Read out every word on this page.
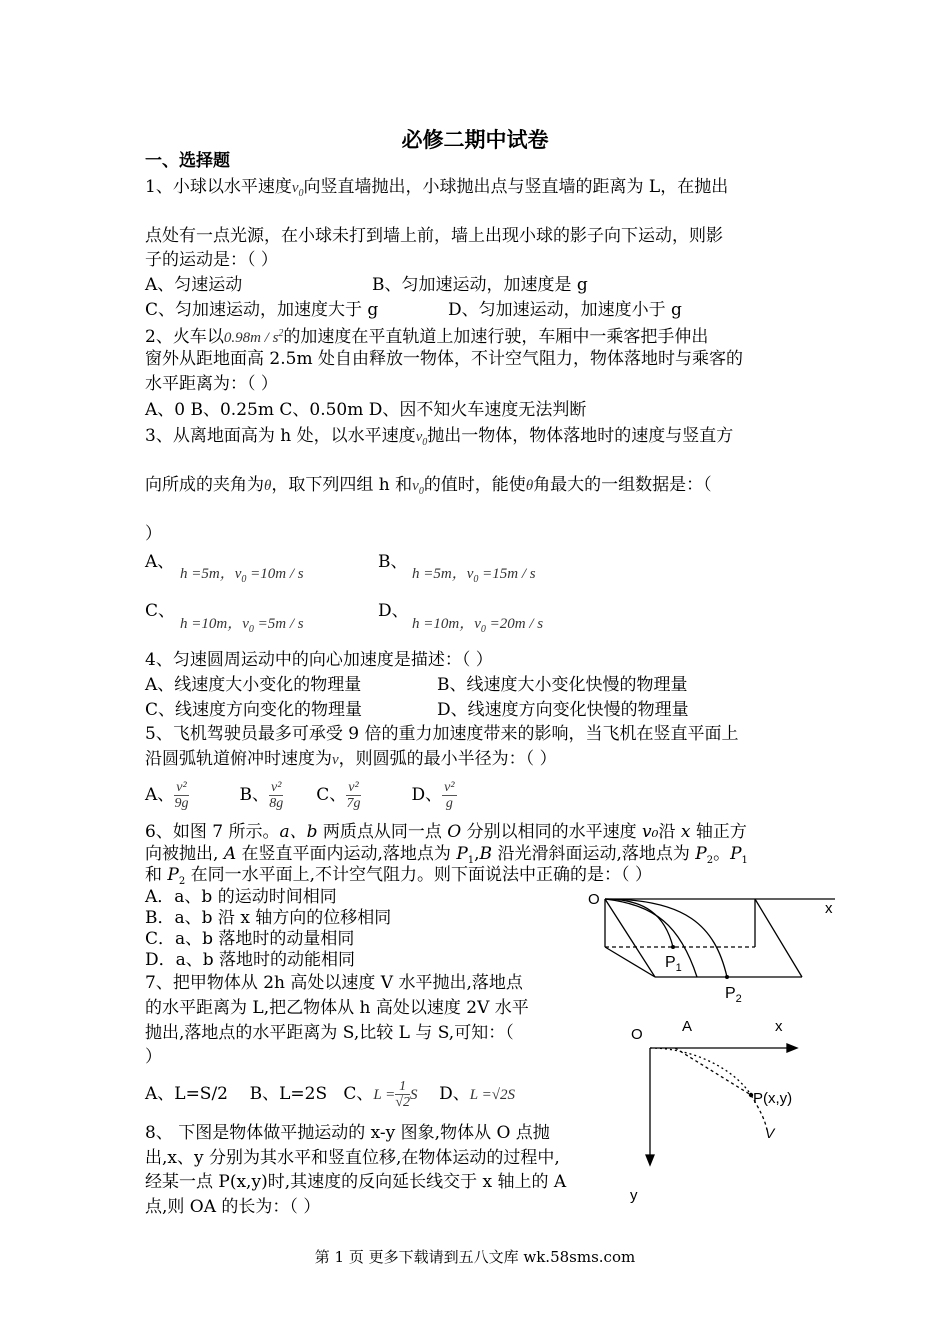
必修二期中试卷
一、选择题
1、小球以水平速度$v_0$向竖直墙抛出，小球抛出点与竖直墙的距离为 L，在抛出
点处有一点光源，在小球未打到墙上前，墙上出现小球的影子向下运动，则影
子的运动是：（ ）
A、匀速运动	B、匀加速运动，加速度是 g
C、匀加速运动，加速度大于 g	D、匀加速运动，加速度小于 g
2、火车以$0.98m / s^2$的加速度在平直轨道上加速行驶，车厢中一乘客把手伸出
窗外从距地面高 2.5m 处自由释放一物体，不计空气阻力，物体落地时与乘客的
水平距离为：（ ）
A、0 B、0.25m C、0.50m D、因不知火车速度无法判断
3、从离地面高为 h 处，以水平速度$v_0$抛出一物体，物体落地时的速度与竖直方
向所成的夹角为θ，取下列四组 h 和$v_0$的值时，能使θ角最大的一组数据是：（
）
A、
h =5m，$v_0 =10m / s$
B、
h =5m，$v_0 =15m / s$
C、
h =10m，$v_0 =5m / s$
D、
h =10m，$v_0 =20m / s$
4、匀速圆周运动中的向心加速度是描述：（ ）
A、线速度大小变化的物理量	B、线速度大小变化快慢的物理量
C、线速度方向变化的物理量	D、线速度方向变化快慢的物理量
5、飞机驾驶员最多可承受 9 倍的重力加速度带来的影响，当飞机在竖直平面上
沿圆弧轨道俯冲时速度为v，则圆弧的最小半径为：（ ）
A、 $\frac{\text{v²}}{9g}$	B、 $\frac{\text{v²}}{8g}$ C、 $\frac{\text{v²}}{7g}$	D、 $\frac{\text{v²}}{g}$
6、如图 7 所示。a、b 两质点从同一点 O 分别以相同的水平速度 v₀沿 x 轴正方
向被抛出, A 在竖直平面内运动,落地点为 $P_1,B$ 沿光滑斜面运动,落地点为 $P_2$。$P_1$
和 $P_2$ 在同一水平面上,不计空气阻力。则下面说法中正确的是：（ ）
A．a、b 的运动时间相同
B．a、b 沿 x 轴方向的位移相同
C．a、b 落地时的动量相同
D．a、b 落地时的动能相同
O
x
$P_1$
$P_2$
7、把甲物体从 2h 高处以速度 V 水平抛出,落地点
的水平距离为 L,把乙物体从 h 高处以速度 2V 水平
抛出,落地点的水平距离为 S,比较 L 与 S,可知：（
）
A、L=S/2 B、L=2S C、$L = \frac{1}{√2}$ S D、L =√2S
O	A	x
P(x,y)
V
y
8、 下图是物体做平抛运动的 x-y 图象,物体从 O 点抛
出,x、y 分别为其水平和竖直位移,在物体运动的过程中,
经某一点 P(x,y)时,其速度的反向延长线交于 x 轴上的 A
点,则 OA 的长为：（ ）
第 1 页 更多下载请到五八文库 wk.58sms.com
